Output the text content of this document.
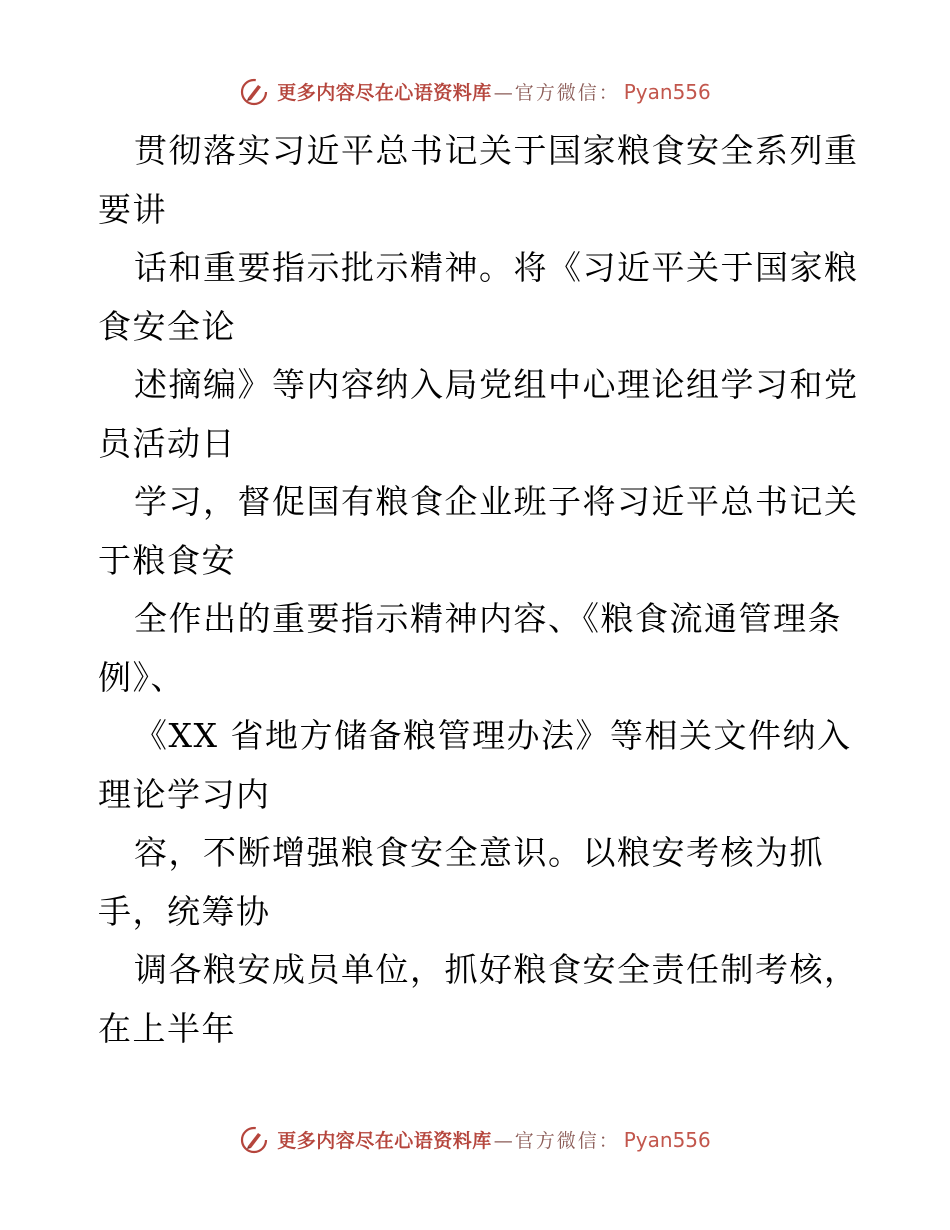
更多内容尽在心语资料库 — 官方微信： Pyan556
贯彻落实习近平总书记关于国家粮食安全系列重
要讲
话和重要指示批示精神。将《习近平关于国家粮
食安全论
述摘编》等内容纳入局党组中心理论组学习和党
员活动日
学习，督促国有粮食企业班子将习近平总书记关
于粮食安
全作出的重要指示精神内容、《粮食流通管理条
例》、
《XX 省地方储备粮管理办法》等相关文件纳入
理论学习内
容，不断增强粮食安全意识。以粮安考核为抓
手，统筹协
调各粮安成员单位，抓好粮食安全责任制考核，
在上半年
更多内容尽在心语资料库 — 官方微信： Pyan556
